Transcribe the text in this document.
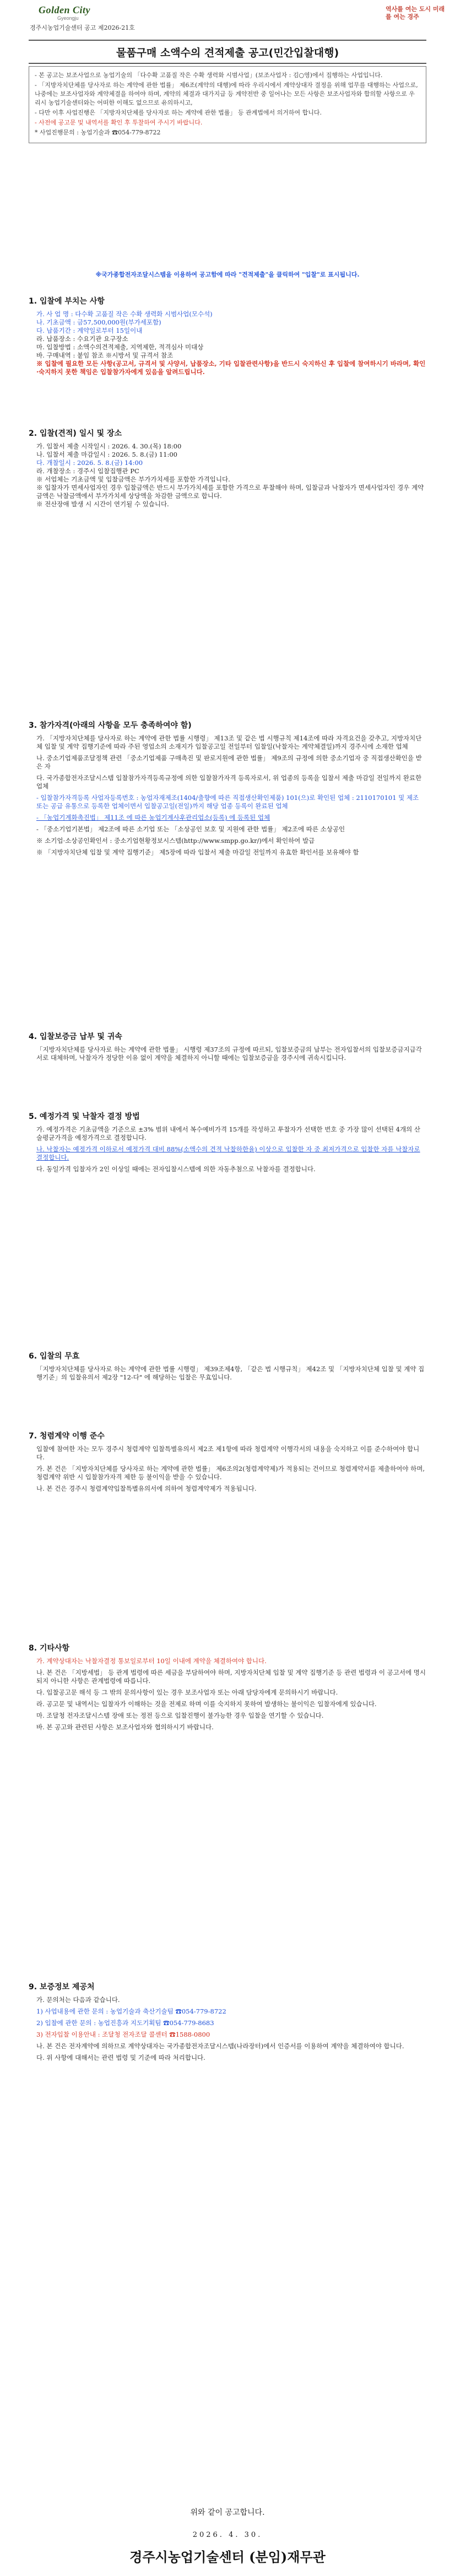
Golden City
Gyeongju
역사를 여는 도시 미래를 여는 경주
경주시농업기술센터 공고 제2026-21호
물품구매 소액수의 견적제출 공고(민간입찰대행)

- 본 공고는 보조사업으로 농업기술의 「다수확 고품질 작은 수확 생력화 시범사업」(보조사업자 : 김○영)에서 집행하는 사업입니다.

- 「지방자치단체를 당사자로 하는 계약에 관한 법률」 제6조(계약의 대행)에 따라 우리시에서 계약상대자 결정을 위해 업무를 대행하는 사업으로, 나중에는 보조사업자와 계약체결을 하여야 하며, 계약의 체결과 대가지급 등 계약전반 중 일어나는 모든 사항은 보조사업자와 합의할 사항으로 우리시 농업기술센터와는 어떠한 이해도 없으므로 유의하시고,

- 다만 이후 사업진행은 「지방자치단체를 당사자로 하는 계약에 관한 법률」 등 관계법에서 의거하여 합니다.

- 사전에 공고문 및 내역서를 확인 후 투찰하여 주시기 바랍니다.

* 사업진행문의 : 농업기술과 ☎054-779-8722

※국가종합전자조달시스템을 이용하여 공고함에 따라 "견적제출"을 클릭하여 "입찰"로 표시됩니다.
1. 입찰에 부치는 사항

가. 사 업 명 : 다수확 고품질 작은 수확 생력화 시범사업(모수석)

나. 기초금액 : 금57,500,000원(부가세포함)

다. 납품기간 : 계약일로부터 15일이내

라. 납품장소 : 수요기관 요구장소

마. 입찰방법 : 소액수의견적제출, 지역제한, 적격심사 미대상

바. 구매내역 : 붙임 참조 ※시방서 및 규격서 참조

※ 입찰에 필요한 모든 사항(공고서, 규격서 및 사양서, 납품장소, 기타 입찰관련사항)을 반드시 숙지하신 후 입찰에 참여하시기 바라며, 확인·숙지하지 못한 책임은 입찰참가자에게 있음을 알려드립니다.

2. 입찰(견적) 일시 및 장소

가. 입찰서 제출 시작일시 : 2026. 4. 30.(목) 18:00

나. 입찰서 제출 마감일시 : 2026. 5. 8.(금) 11:00

다. 개찰일시 : 2026. 5. 8.(금) 14:00

라. 개찰장소 : 경주시 입찰집행관 PC

※ 서업체는 기초금액 및 입찰금액은 부가가치세를 포함한 가격입니다.

※ 입찰자가 면세사업자인 경우 입찰금액은 반드시 부가가치세를 포함한 가격으로 투찰해야 하며, 입찰금과 낙찰자가 면세사업자인 경우 계약금액은 낙찰금액에서 부가가치세 상당액을 차감한 금액으로 합니다.

※ 전산장애 발생 시 시간이 연기될 수 있습니다.

3. 참가자격(아래의 사항을 모두 충족하여야 함)

가. 「지방자치단체를 당사자로 하는 계약에 관한 법률 시행령」 제13조 및 같은 법 시행규칙 제14조에 따라 자격요건을 갖추고, 지방자치단체 입찰 및 계약 집행기준에 따라 주된 영업소의 소재지가 입찰공고일 전일부터 입찰일(낙찰자는 계약체결일)까지 경주시에 소재한 업체

나. 중소기업제품조달정책 관련 「중소기업제품 구매촉진 및 판로지원에 관한 법률」 제9조의 규정에 의한 중소기업자 중 직접생산확인을 받은 자

다. 국가종합전자조달시스템 입찰참가자격등록규정에 의한 입찰참가자격 등록자로서, 위 업종의 등록을 입찰서 제출 마감일 전일까지 완료한 업체

- 입찰참가자격등록 사업자등록번호 : 농업자재제조(1404/출향에 따른 직접생산확인제품) 101(으)로 확인된 업체 : 2110170101 및 제조 또는 공급 유통으로 등록한 업체이면서 입찰공고일(전일)까지 해당 업종 등록이 완료된 업체

- 「농업기계화촉진법」 제11조 에 따른 농업기계사후관리업소(등록) 에 등록된 업체

- 「중소기업기본법」 제2조에 따른 소기업 또는 「소상공인 보호 및 지원에 관한 법률」 제2조에 따른 소상공인

※ 소기업·소상공인확인서 : 중소기업현황정보시스템(http://www.smpp.go.kr/)에서 확인하여 발급

※ 「지방자치단체 입찰 및 계약 집행기준」 제5장에 따라 입찰서 제출 마감일 전일까지 유효한 확인서를 보유해야 함

4. 입찰보증금 납부 및 귀속

「지방자치단체를 당사자로 하는 계약에 관한 법률」 시행령 제37조의 규정에 따르되, 입찰보증금의 납부는 전자입찰서의 입찰보증금지급각서로 대체하며, 낙찰자가 정당한 이유 없이 계약을 체결하지 아니할 때에는 입찰보증금을 경주시에 귀속시킵니다.

5. 예정가격 및 낙찰자 결정 방법

가. 예정가격은 기초금액을 기준으로 ±3% 범위 내에서 복수예비가격 15개를 작성하고 투찰자가 선택한 번호 중 가장 많이 선택된 4개의 산술평균가격을 예정가격으로 결정합니다.

나. 낙찰자는 예정가격 이하로서 예정가격 대비 88%(소액수의 견적 낙찰하한율) 이상으로 입찰한 자 중 최저가격으로 입찰한 자를 낙찰자로 결정합니다.

다. 동일가격 입찰자가 2인 이상일 때에는 전자입찰시스템에 의한 자동추첨으로 낙찰자를 결정합니다.

6. 입찰의 무효

「지방자치단체를 당사자로 하는 계약에 관한 법률 시행령」 제39조제4항, 「같은 법 시행규칙」 제42조 및 「지방자치단체 입찰 및 계약 집행기준」의 입찰유의서 제2장 "12-다" 에 해당하는 입찰은 무효입니다.

7. 청렴계약 이행 준수

입찰에 참여한 자는 모두 경주시 청렴계약 입찰특별유의서 제2조 제1항에 따라 청렴계약 이행각서의 내용을 숙지하고 이를 준수하여야 합니다.

가. 본 건은 「지방자치단체를 당사자로 하는 계약에 관한 법률」 제6조의2(청렴계약제)가 적용되는 건이므로 청렴계약서를 제출하여야 하며, 청렴계약 위반 시 입찰참가자격 제한 등 불이익을 받을 수 있습니다.

나. 본 건은 경주시 청렴계약입찰특별유의서에 의하여 청렴계약제가 적용됩니다.

8. 기타사항

가. 계약상대자는 낙찰자결정 통보일로부터 10일 이내에 계약을 체결하여야 합니다.

나. 본 건은 「지방세법」 등 관계 법령에 따른 세금을 부담하여야 하며, 지방자치단체 입찰 및 계약 집행기준 등 관련 법령과 이 공고서에 명시되지 아니한 사항은 관계법령에 따릅니다.

다. 입찰공고문 해석 등 그 밖의 문의사항이 있는 경우 보조사업자 또는 아래 담당자에게 문의하시기 바랍니다.

라. 공고문 및 내역서는 입찰자가 이해하는 것을 전제로 하며 이를 숙지하지 못하여 발생하는 불이익은 입찰자에게 있습니다.

마. 조달청 전자조달시스템 장애 또는 정전 등으로 입찰진행이 불가능한 경우 입찰을 연기할 수 있습니다.

바. 본 공고와 관련된 사항은 보조사업자와 협의하시기 바랍니다.

9. 보증정보 제공처

가. 문의처는 다음과 같습니다.

1) 사업내용에 관한 문의 : 농업기술과 축산기술팀 ☎054-779-8722

2) 입찰에 관한 문의 : 농업진흥과 지도기획팀 ☎054-779-8683

3) 전자입찰 이용안내 : 조달청 전자조달 콜센터 ☎1588-0800

나. 본 건은 전자계약에 의하므로 계약상대자는 국가종합전자조달시스템(나라장터)에서 인증서를 이용하여 계약을 체결하여야 합니다.

다. 위 사항에 대해서는 관련 법령 및 기준에 따라 처리합니다.

위와 같이 공고합니다.
2026. 4. 30.
경주시농업기술센터 (분임)재무관
